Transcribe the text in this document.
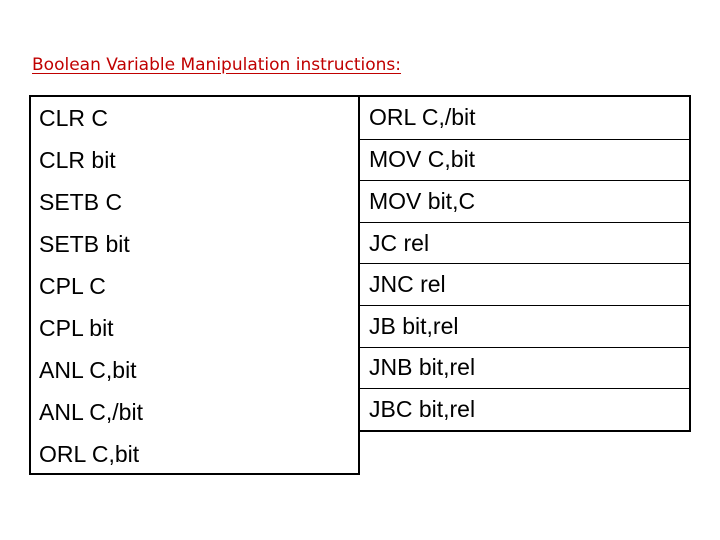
Boolean Variable Manipulation instructions:
CLR C
CLR bit
SETB C
SETB bit
CPL C
CPL bit
ANL C,bit
ANL C,/bit
ORL C,bit
ORL C,/bit
MOV C,bit
MOV bit,C
JC rel
JNC rel
JB bit,rel
JNB bit,rel
JBC bit,rel
